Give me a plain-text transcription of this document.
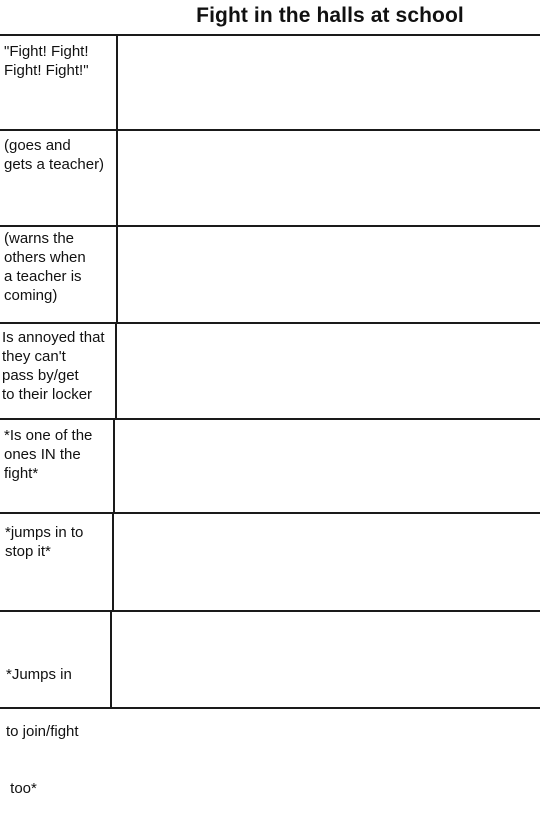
Fight in the halls at school
"Fight! Fight!
Fight! Fight!"
(goes and
gets a teacher)
(warns the
others when
a teacher is
coming)
Is annoyed that
they can't
pass by/get
to their locker
*Is one of the
ones IN the
fight*
*jumps in to
stop it*

*Jumps in

to join/fight

too*
